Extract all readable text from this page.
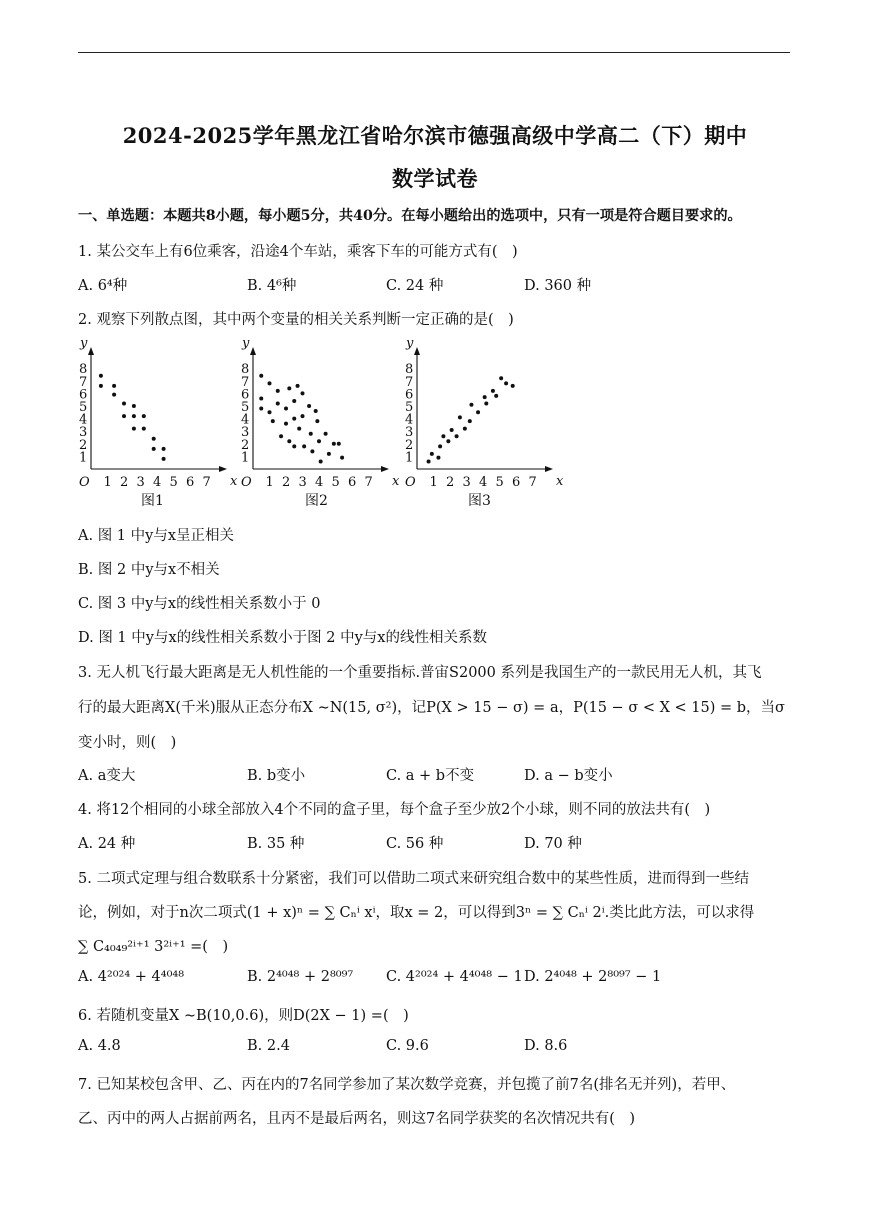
2024-2025学年黑龙江省哈尔滨市德强高级中学高二（下）期中
数学试卷
一、单选题：本题共8小题，每小题5分，共40分。在每小题给出的选项中，只有一项是符合题目要求的。
1. 某公交车上有6位乘客，沿途4个车站，乘客下车的可能方式有(　)
A. 6⁴种	B. 4⁶种	C. 24 种	D. 360 种
2. 观察下列散点图，其中两个变量的相关关系判断一定正确的是(　)
O	x
y
1 2 3 4 5 6 7
1
2
3
4
5
6
7
8
O	x
y
1 2 3 4 5 6 7
1
2
3
4
5
6
7
8
O	x
y
1 2 3 4 5 6 7
1
2
3
4
5
6
7
8
图1	图2	图3
A. 图 1 中y与x呈正相关
B. 图 2 中y与x不相关
C. 图 3 中y与x的线性相关系数小于 0
D. 图 1 中y与x的线性相关系数小于图 2 中y与x的线性相关系数
3. 无人机飞行最大距离是无人机性能的一个重要指标.普宙S2000 系列是我国生产的一款民用无人机，其飞
行的最大距离X(千米)服从正态分布X ∼N(15, σ²)，记P(X > 15 − σ) = a，P(15 − σ < X < 15) = b，当σ
变小时，则(　)
A. a变大	B. b变小	C. a + b不变	D. a − b变小
4. 将12个相同的小球全部放入4个不同的盒子里，每个盒子至少放2个小球，则不同的放法共有(　)
A. 24 种	B. 35 种	C. 56 种	D. 70 种
5. 二项式定理与组合数联系十分紧密，我们可以借助二项式来研究组合数中的某些性质，进而得到一些结
论，例如，对于n次二项式(1 + x)ⁿ = ∑ Cₙⁱ xⁱ，取x = 2，可以得到3ⁿ = ∑ Cₙⁱ 2ⁱ.类比此方法，可以求得
∑ C₄₀₄₉²ⁱ⁺¹ 3²ⁱ⁺¹ =(　)
A. 4²⁰²⁴ + 4⁴⁰⁴⁸	B. 2⁴⁰⁴⁸ + 2⁸⁰⁹⁷ C. 4²⁰²⁴ + 4⁴⁰⁴⁸ − 1 D. 2⁴⁰⁴⁸ + 2⁸⁰⁹⁷ − 1
6. 若随机变量X ∼B(10,0.6)，则D(2X − 1) =(　)
A. 4.8	B. 2.4	C. 9.6	D. 8.6
7. 已知某校包含甲、乙、丙在内的7名同学参加了某次数学竞赛，并包揽了前7名(排名无并列)，若甲、
乙、丙中的两人占据前两名，且丙不是最后两名，则这7名同学获奖的名次情况共有(　)
